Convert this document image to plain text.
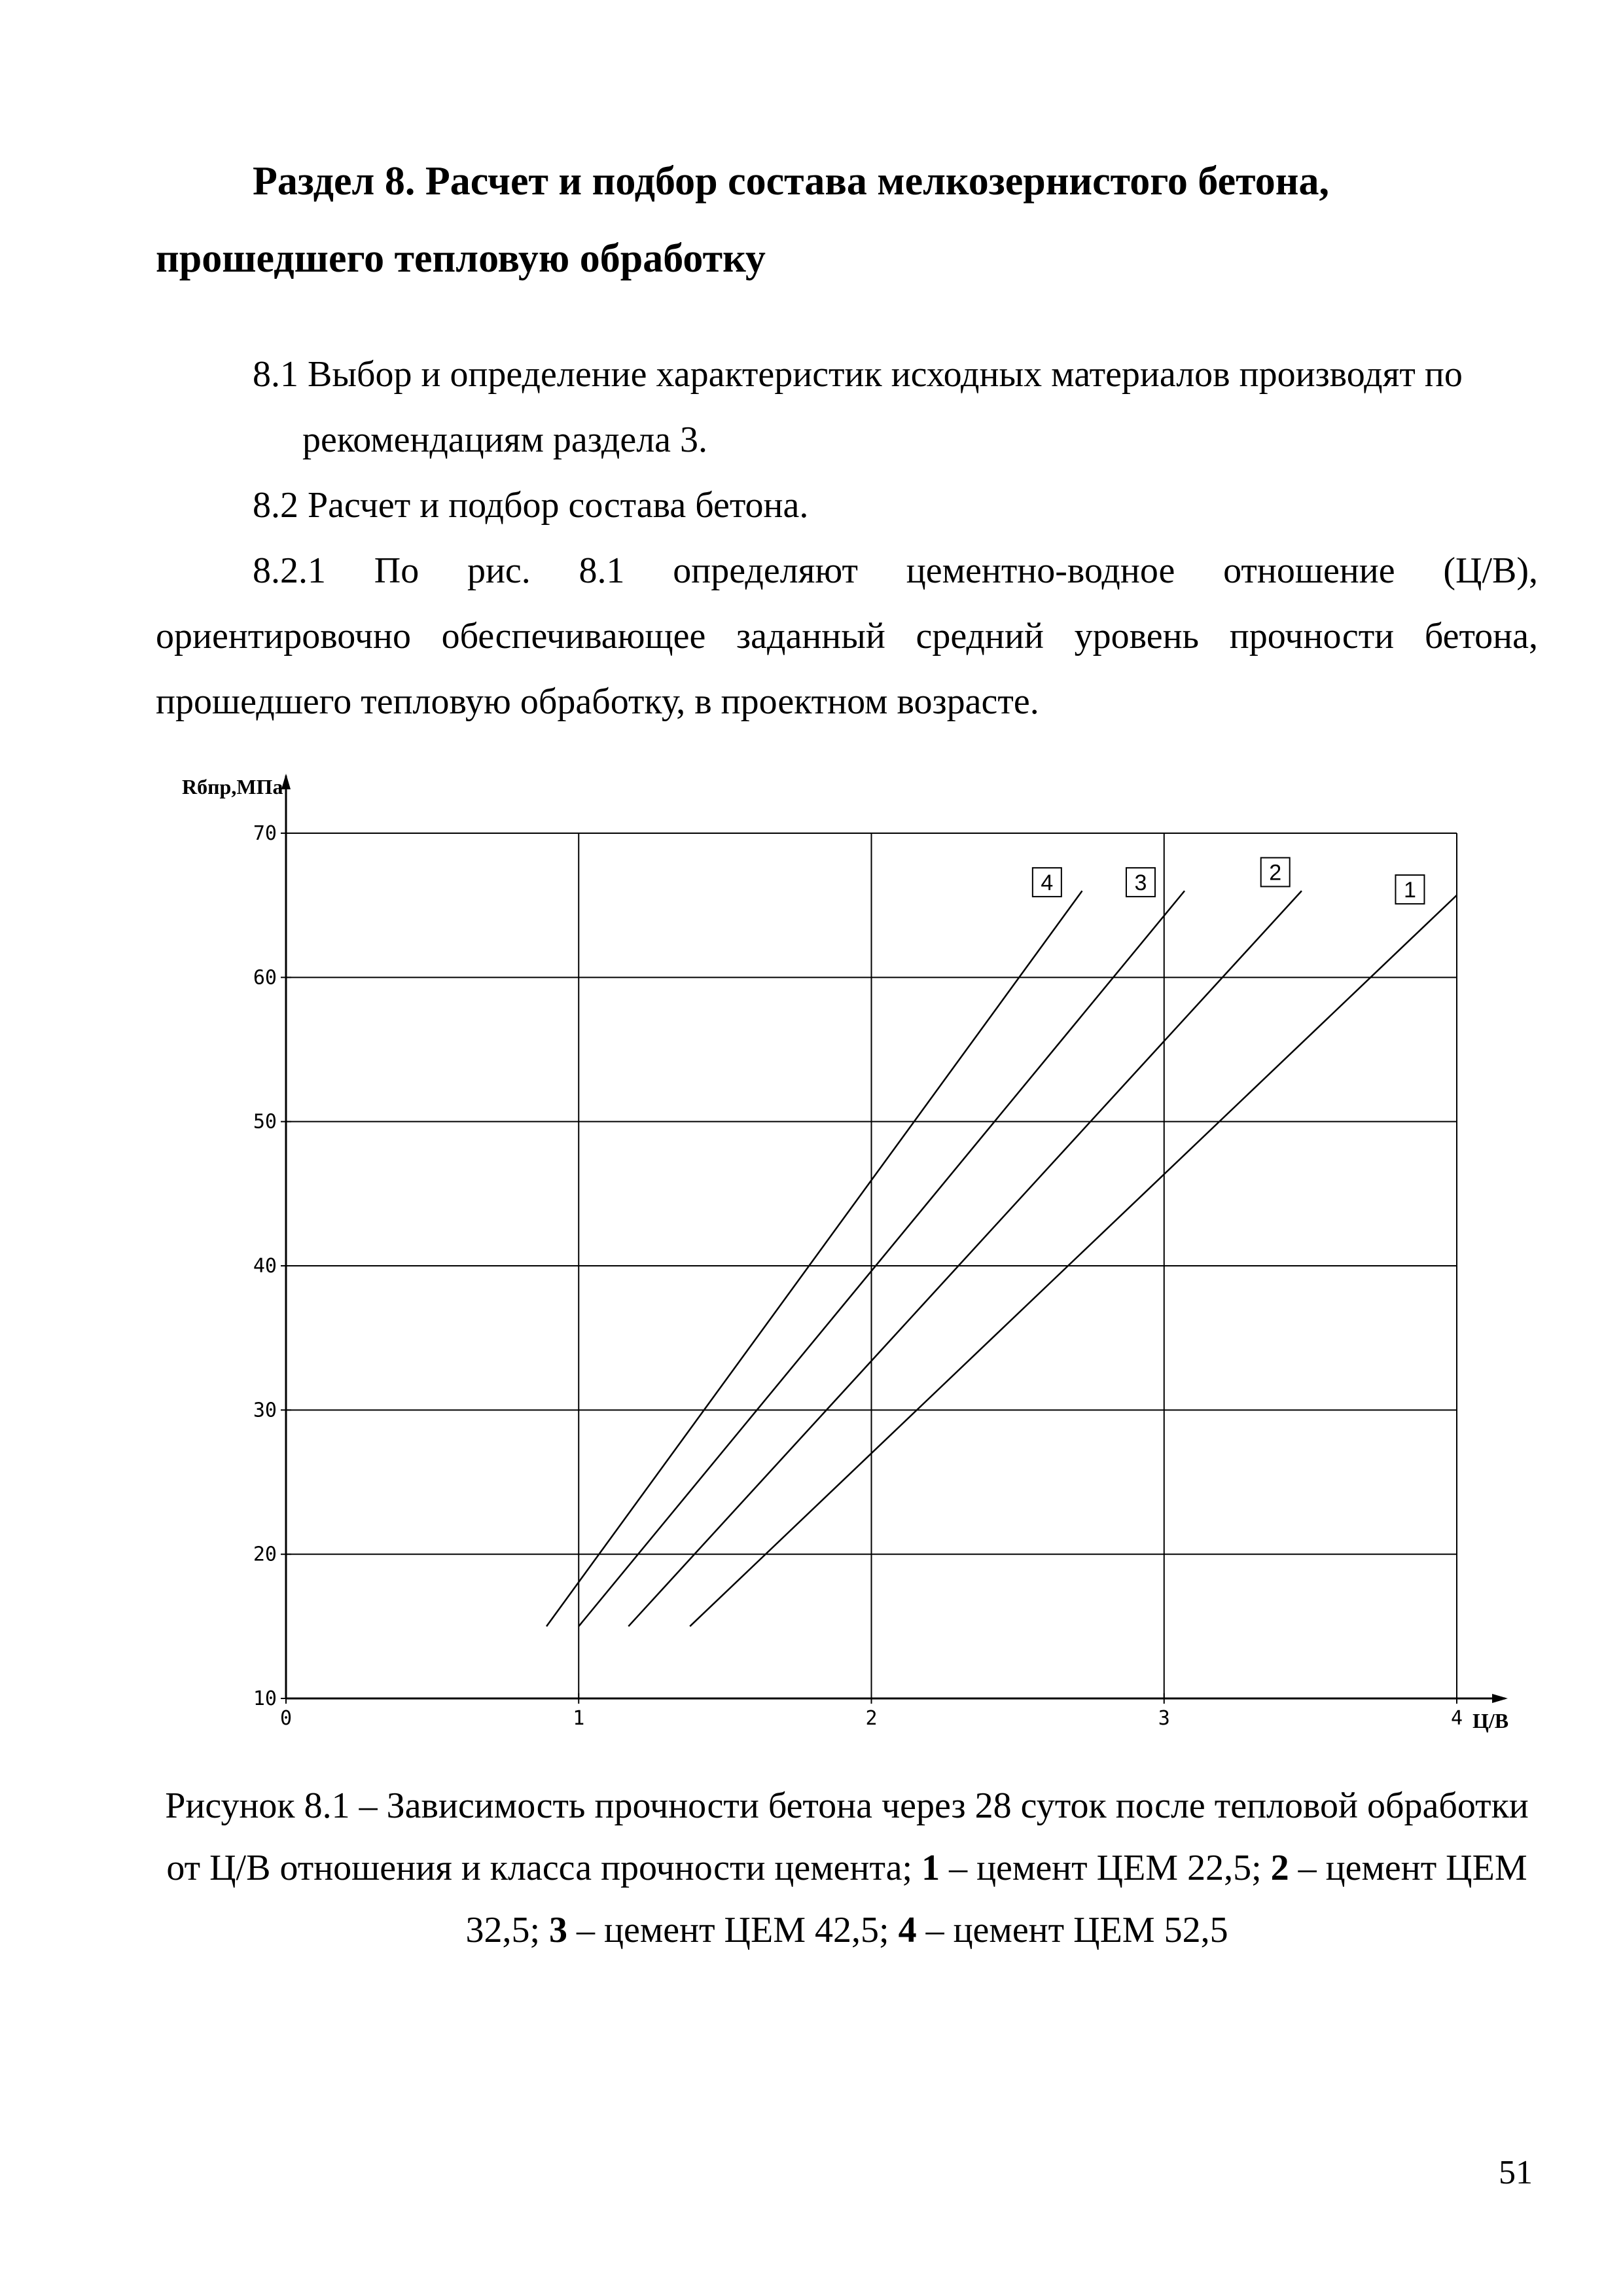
Раздел 8. Расчет и подбор состава мелкозернистого бетона,
прошедшего тепловую обработку

8.1 Выбор и определение характеристик исходных материалов производят по
рекомендациям раздела 3.

8.2 Расчет и подбор состава бетона.

8.2.1 По рис. 8.1 определяют цементно-водное отношение (Ц/В),
ориентировочно обеспечивающее заданный средний уровень прочности бетона, прошедшего тепловую обработку, в проектном возрасте.

0	1	2	3	4
10
20
30
40
50
60
70
4	3	2
1
Rбпр,МПа
Ц/В

Рисунок 8.1 – Зависимость прочности бетона через 28 суток после тепловой обработки от Ц/В отношения и класса прочности цемента; 1 – цемент ЦЕМ 22,5; 2 – цемент ЦЕМ 32,5; 3 – цемент ЦЕМ 42,5; 4 – цемент ЦЕМ 52,5

51
